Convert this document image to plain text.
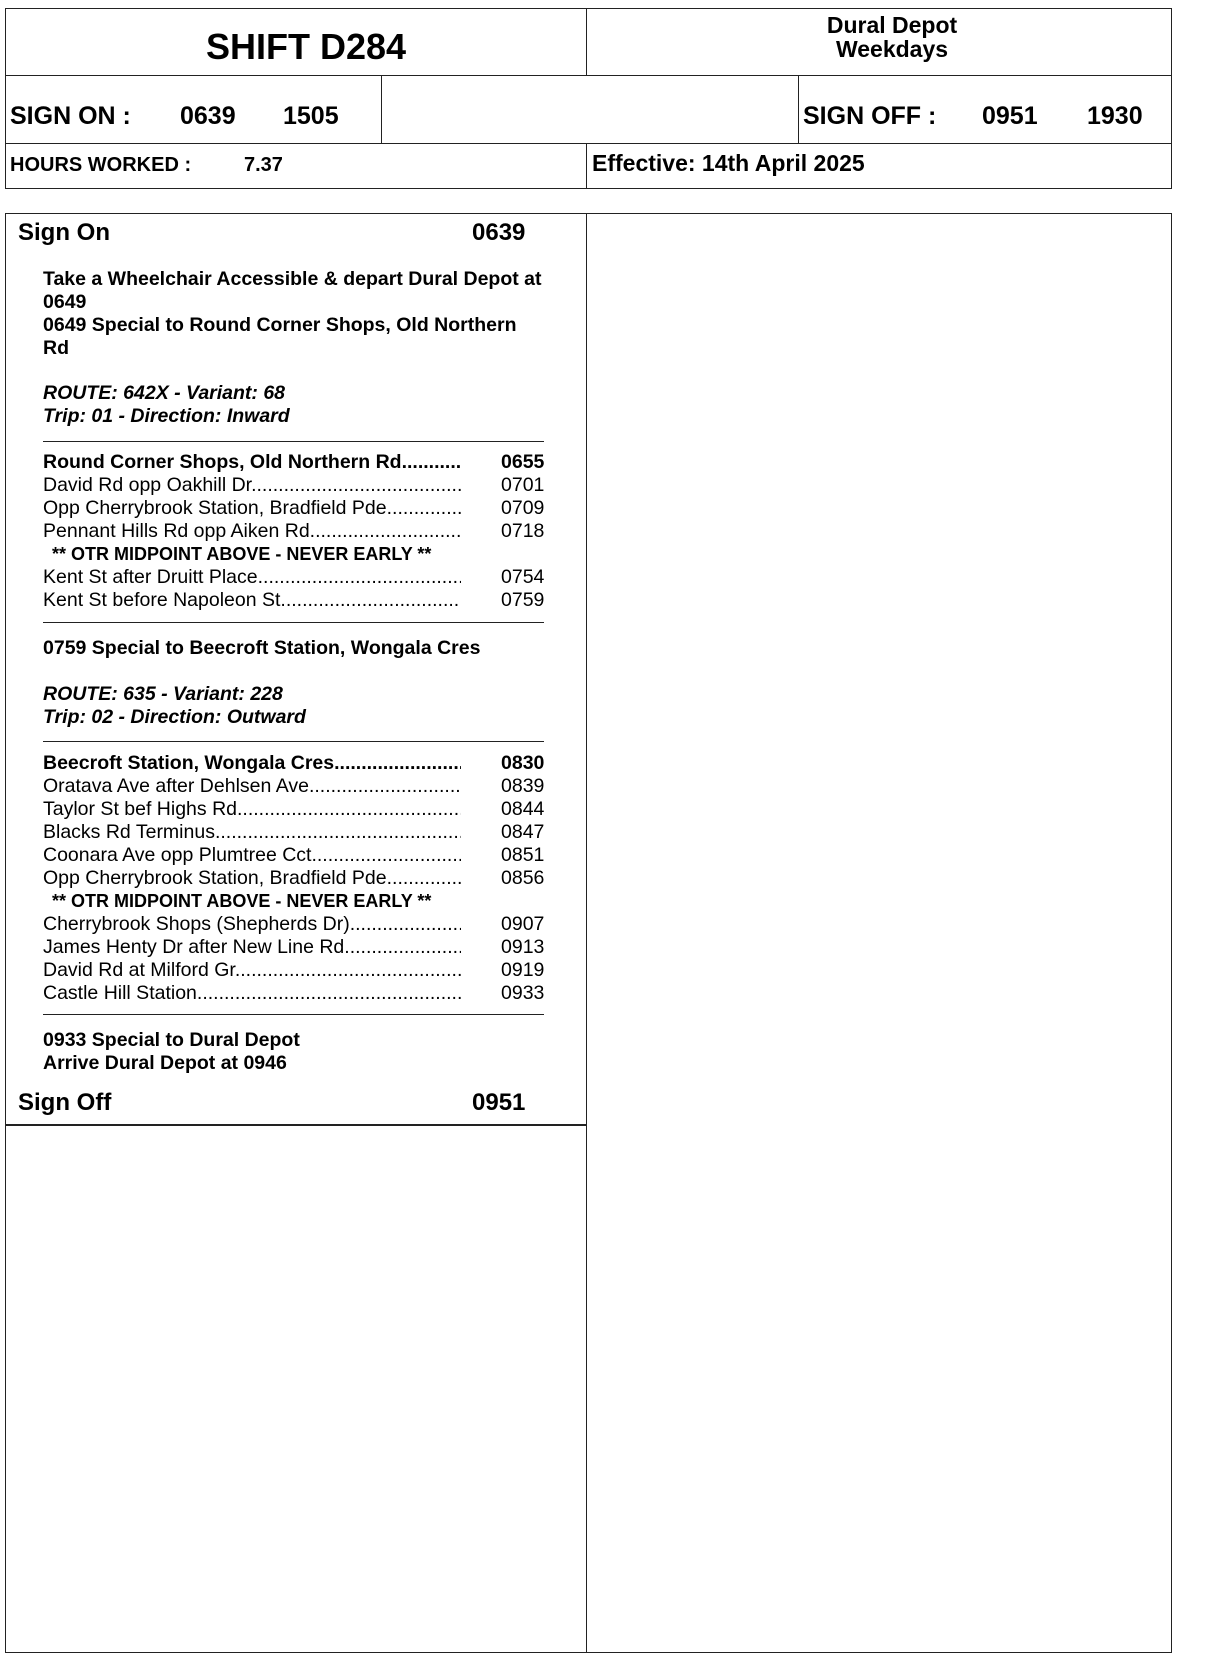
SHIFT D284
Dural Depot
Weekdays
SIGN ON : 0639 1505	SIGN OFF : 0951 1930
HOURS WORKED :	7.37	Effective: 14th April 2025
Sign On	0639
Take a Wheelchair Accessible & depart Dural Depot at
0649
0649 Special to Round Corner Shops, Old Northern
Rd
ROUTE: 642X - Variant: 68
Trip: 01 - Direction: Inward
Round Corner Shops, Old Northern Rd .....	0655
David Rd opp Oakhill Dr .....	0701
Opp Cherrybrook Station, Bradfield Pde .....	0709
Pennant Hills Rd opp Aiken Rd .....	0718
** OTR MIDPOINT ABOVE - NEVER EARLY **
Kent St after Druitt Place .....	0754
Kent St before Napoleon St .....	0759
0759 Special to Beecroft Station, Wongala Cres
ROUTE: 635 - Variant: 228
Trip: 02 - Direction: Outward
Beecroft Station, Wongala Cres .....	0830
Oratava Ave after Dehlsen Ave .....	0839
Taylor St bef Highs Rd .....	0844
Blacks Rd Terminus .....	0847
Coonara Ave opp Plumtree Cct .....	0851
Opp Cherrybrook Station, Bradfield Pde .....	0856
** OTR MIDPOINT ABOVE - NEVER EARLY **
Cherrybrook Shops (Shepherds Dr) .....	0907
James Henty Dr after New Line Rd .....	0913
David Rd at Milford Gr .....	0919
Castle Hill Station .....	0933
0933 Special to Dural Depot
Arrive Dural Depot at 0946
Sign Off	0951
